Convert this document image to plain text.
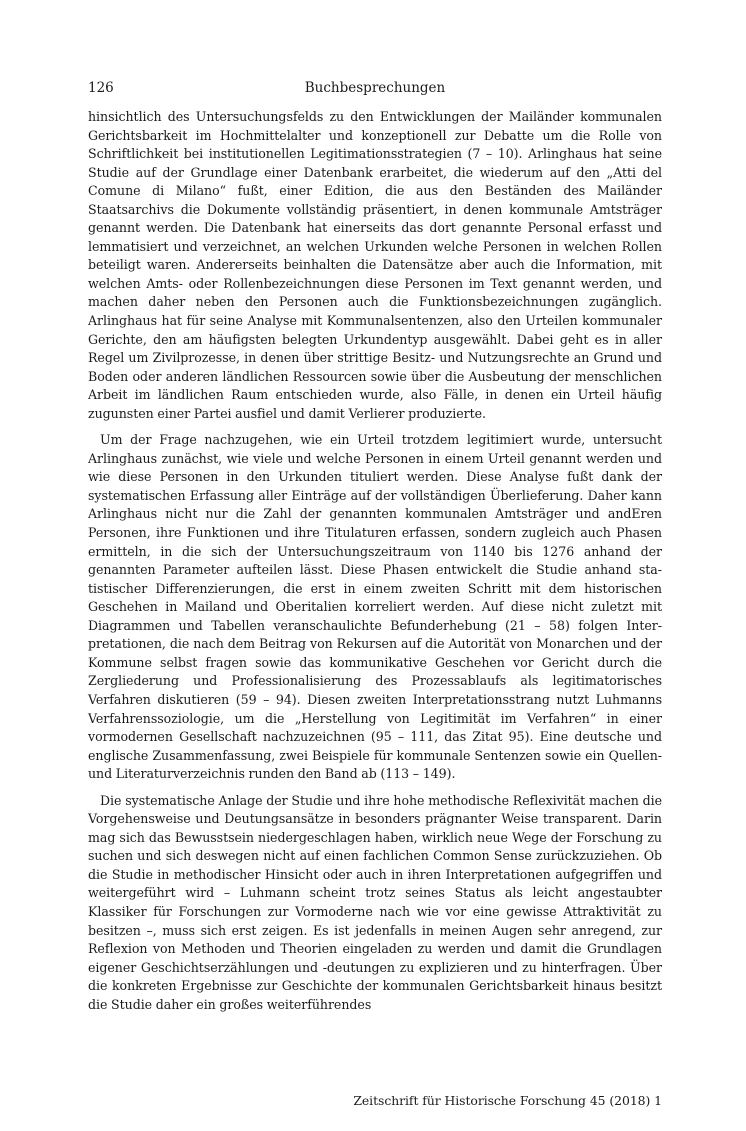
126	Buchbesprechungen

hinsichtlich des Untersuchungsfelds zu den Entwicklungen der Mailänder kommunalen Gerichtsbarkeit im Hochmittelalter und konzeptionell zur Debatte um die Rolle von Schriftlichkeit bei institutionellen Legitimationsstrategien (7 – 10). Arlinghaus hat seine Studie auf der Grundlage einer Datenbank erarbeitet, die wiederum auf den „Atti del Comune di Milano“ fußt, einer Edition, die aus den Beständen des Mailänder Staatsarchivs die Dokumente vollständig präsentiert, in denen kommunale Amtsträger genannt werden. Die Datenbank hat einerseits das dort genannte Personal erfasst und lemmatisiert und verzeichnet, an welchen Urkunden welche Personen in welchen Rollen beteiligt waren. Andererseits beinhalten die Datensätze aber auch die Information, mit welchen Amts- oder Rollenbezeichnungen diese Personen im Text genannt werden, und machen daher neben den Personen auch die Funktionsbezeichnungen zugänglich. Arlinghaus hat für seine Analyse mit Kommunalsentenzen, also den Urteilen kommunaler Gerichte, den am häufigsten belegten Urkundentyp ausgewählt. Dabei geht es in aller Regel um Zivilprozesse, in denen über strittige Besitz- und Nutzungsrechte an Grund und Boden oder anderen ländlichen Ressourcen sowie über die Ausbeutung der menschlichen Arbeit im ländlichen Raum entschieden wurde, also Fälle, in denen ein Urteil häufig zugunsten einer Partei ausfiel und damit Verlierer produzierte.

Um der Frage nachzugehen, wie ein Urteil trotzdem legitimiert wurde, untersucht Arlinghaus zunächst, wie viele und welche Personen in einem Urteil genannt werden und wie diese Personen in den Urkunden tituliert werden. Diese Analyse fußt dank der systematischen Erfassung aller Einträge auf der vollständigen Überlieferung. Daher kann Arlinghaus nicht nur die Zahl der genannten kommunalen Amtsträger und andEren Personen, ihre Funktionen und ihre Titulaturen erfassen, sondern zugleich auch Phasen ermitteln, in die sich der Untersuchungszeitraum von 1140 bis 1276 anhand der genannten Parameter aufteilen lässt. Diese Phasen entwickelt die Studie anhand statistischer Differenzierungen, die erst in einem zweiten Schritt mit dem historischen Geschehen in Mailand und Oberitalien korreliert werden. Auf diese nicht zuletzt mit Diagrammen und Tabellen veranschaulichte Befunderhebung (21 – 58) folgen Interpretationen, die nach dem Beitrag von Rekursen auf die Autorität von Monarchen und der Kommune selbst fragen sowie das kommunikative Geschehen vor Gericht durch die Zergliederung und Professionalisierung des Prozessablaufs als legitimatorisches Verfahren diskutieren (59 – 94). Diesen zweiten Interpretationsstrang nutzt Luhmanns Verfahrenssoziologie, um die „Herstellung von Legitimität im Verfahren“ in einer vormodernen Gesellschaft nachzuzeichnen (95 – 111, das Zitat 95). Eine deutsche und englische Zusammenfassung, zwei Beispiele für kommunale Sentenzen sowie ein Quellen- und Literaturverzeichnis runden den Band ab (113 – 149).

Die systematische Anlage der Studie und ihre hohe methodische Reflexivität machen die Vorgehensweise und Deutungsansätze in besonders prägnanter Weise transparent. Darin mag sich das Bewusstsein niedergeschlagen haben, wirklich neue Wege der Forschung zu suchen und sich deswegen nicht auf einen fachlichen Common Sense zurückzuziehen. Ob die Studie in methodischer Hinsicht oder auch in ihren Interpretationen aufgegriffen und weitergeführt wird – Luhmann scheint trotz seines Status als leicht angestaubter Klassiker für Forschungen zur Vormoderne nach wie vor eine gewisse Attraktivität zu besitzen –, muss sich erst zeigen. Es ist jedenfalls in meinen Augen sehr anregend, zur Reflexion von Methoden und Theorien eingeladen zu werden und damit die Grundlagen eigener Geschichtserzählungen und -deutungen zu explizieren und zu hinterfragen. Über die konkreten Ergebnisse zur Geschichte der kommunalen Gerichtsbarkeit hinaus besitzt die Studie daher ein großes weiterführendes

Zeitschrift für Historische Forschung 45 (2018) 1
